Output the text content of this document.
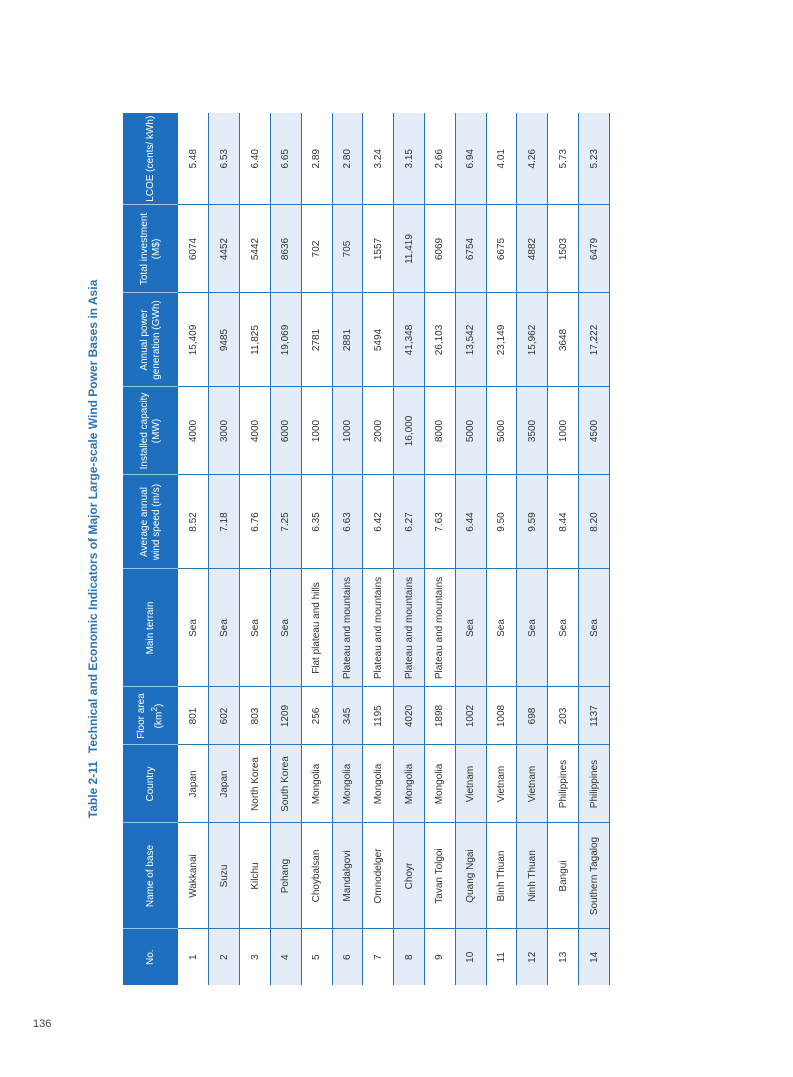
136
Table 2-11Technical and Economic Indicators of Major Large-scale Wind Power Bases in Asia
No.	Name of base	Country	Floor area $(km^2)$	Main terrain	Average annual wind speed (m/s)	Installed capacity (MW)	Annual power generation (GWh)	Total investment (M$)	LCOE (cents/ kWh)
1	Wakkanai	Japan	801	Sea	8.52	4000	15,409	6074	5.48
2	Suzu	Japan	602	Sea	7.18	3000	9485	4452	6.53
3	Kilchu	North Korea	803	Sea	6.76	4000	11,825	5442	6.40
4	Pohang	South Korea	1209	Sea	7.25	6000	19,069	8636	6.65
5	Choybalsan	Mongolia	256	Flat plateau and hills	6.35	1000	2781	702	2.89
6	Mandalgovi	Mongolia	345	Plateau and mountains	6.63	1000	2881	705	2.80
7	Omnodelger	Mongolia	1195	Plateau and mountains	6.42	2000	5494	1557	3.24
8	Choyr	Mongolia	4020	Plateau and mountains	6.27	16,000	41,348	11,419	3.15
9	Tavan Tolgoi	Mongolia	1898	Plateau and mountains	7.63	8000	26,103	6069	2.66
10	Quang Ngai	Vietnam	1002	Sea	6.44	5000	13,542	6754	6.94
11	Binh Thuan	Vietnam	1008	Sea	9.50	5000	23,149	6675	4.01
12	Ninh Thuan	Vietnam	698	Sea	9.59	3500	15,962	4882	4.26
13	Bangui	Philippines	203	Sea	8.44	1000	3648	1503	5.73
14	Southern Tagalog	Philippines	1137	Sea	8.20	4500	17,222	6479	5.23
